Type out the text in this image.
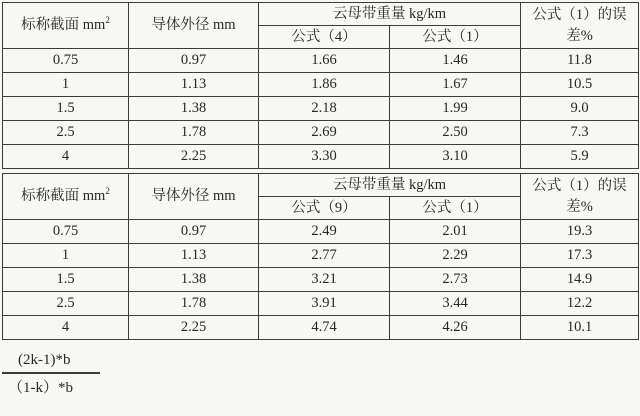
标称截面 $mm^2$	导体外径 mm	云母带重量 kg/km		公式（1）的误差%
		公式（4）	公式（1）	
0.75	0.97	1.66	1.46	11.8
1	1.13	1.86	1.67	10.5
1.5	1.38	2.18	1.99	9.0
2.5	1.78	2.69	2.50	7.3
4	2.25	3.30	3.10	5.9
标称截面 $mm^2$	导体外径 mm	云母带重量 kg/km		公式（1）的误差%
		公式（9）	公式（1）	
0.75	0.97	2.49	2.01	19.3
1	1.13	2.77	2.29	17.3
1.5	1.38	3.21	2.73	14.9
2.5	1.78	3.91	3.44	12.2
4	2.25	4.74	4.26	10.1
$\frac{(2k-1)*b}{(1-k)*b}$
